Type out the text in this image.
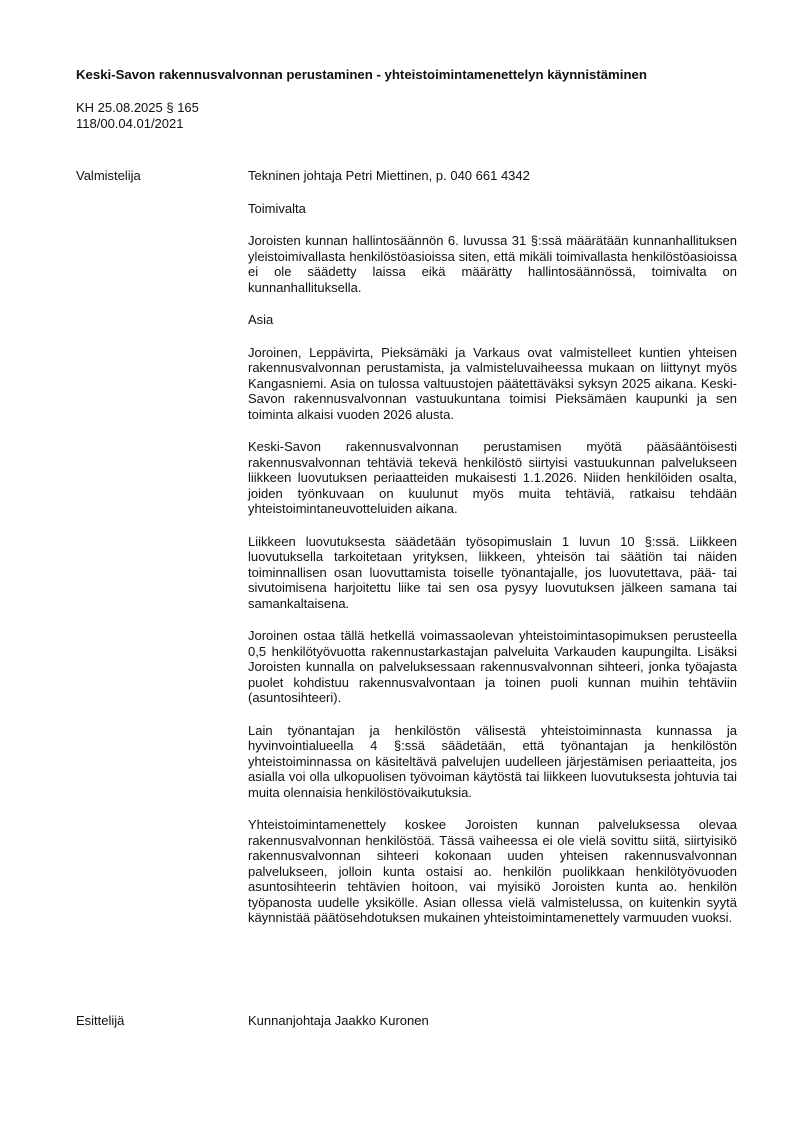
Keski-Savon rakennusvalvonnan perustaminen - yhteistoimintamenettelyn käynnistäminen
KH 25.08.2025 § 165
118/00.04.01/2021
Valmistelija	Tekninen johtaja Petri Miettinen, p. 040 661 4342

Toimivalta

Joroisten kunnan hallintosäännön 6. luvussa 31 §:ssä määrätään kunnanhallituksen yleistoimivallasta henkilöstöasioissa siten, että mikäli toimivallasta henkilöstöasioissa ei ole säädetty laissa eikä määrätty hallintosäännössä, toimivalta on kunnanhallituksella.

Asia

Joroinen, Leppävirta, Pieksämäki ja Varkaus ovat valmistelleet kuntien yhteisen rakennusvalvonnan perustamista, ja valmisteluvaiheessa mukaan on liittynyt myös Kangasniemi. Asia on tulossa valtuustojen päätettäväksi syksyn 2025 aikana. Keski-Savon rakennusvalvonnan vastuukuntana toimisi Pieksämäen kaupunki ja sen toiminta alkaisi vuoden 2026 alusta.

Keski-Savon rakennusvalvonnan perustamisen myötä pääsääntöisesti rakennusvalvonnan tehtäviä tekevä henkilöstö siirtyisi vastuukunnan palvelukseen liikkeen luovutuksen periaatteiden mukaisesti 1.1.2026. Niiden henkilöiden osalta, joiden työnkuvaan on kuulunut myös muita tehtäviä, ratkaisu tehdään yhteistoimintaneuvotteluiden aikana.

Liikkeen luovutuksesta säädetään työsopimuslain 1 luvun 10 §:ssä. Liikkeen luovutuksella tarkoitetaan yrityksen, liikkeen, yhteisön tai säätiön tai näiden toiminnallisen osan luovuttamista toiselle työnantajalle, jos luovutettava, pää- tai sivutoimisena harjoitettu liike tai sen osa pysyy luovutuksen jälkeen samana tai samankaltaisena.

Joroinen ostaa tällä hetkellä voimassaolevan yhteistoimintasopimuksen perusteella 0,5 henkilötyövuotta rakennustarkastajan palveluita Varkauden kaupungilta. Lisäksi Joroisten kunnalla on palveluksessaan rakennusvalvonnan sihteeri, jonka työajasta puolet kohdistuu rakennusvalvontaan ja toinen puoli kunnan muihin tehtäviin (asuntosihteeri).

Lain työnantajan ja henkilöstön välisestä yhteistoiminnasta kunnassa ja hyvinvointialueella 4 §:ssä säädetään, että työnantajan ja henkilöstön yhteistoiminnassa on käsiteltävä palvelujen uudelleen järjestämisen periaatteita, jos asialla voi olla ulkopuolisen työvoiman käytöstä tai liikkeen luovutuksesta johtuvia tai muita olennaisia henkilöstövaikutuksia.

Yhteistoimintamenettely koskee Joroisten kunnan palveluksessa olevaa rakennusvalvonnan henkilöstöä. Tässä vaiheessa ei ole vielä sovittu siitä, siirtyisikö rakennusvalvonnan sihteeri kokonaan uuden yhteisen rakennusvalvonnan palvelukseen, jolloin kunta ostaisi ao. henkilön puolikkaan henkilötyövuoden asuntosihteerin tehtävien hoitoon, vai myisikö Joroisten kunta ao. henkilön työpanosta uudelle yksikölle. Asian ollessa vielä valmistelussa, on kuitenkin syytä käynnistää päätösehdotuksen mukainen yhteistoimintamenettely varmuuden vuoksi.

Esittelijä	Kunnanjohtaja Jaakko Kuronen
